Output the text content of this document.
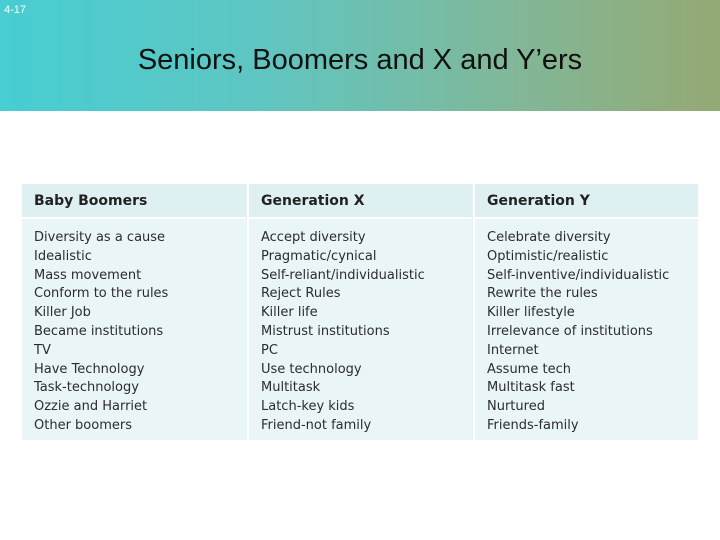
4-17
Seniors, Boomers and X and Y’ers
Baby Boomers
Diversity as a cause
Idealistic
Mass movement
Conform to the rules
Killer Job
Became institutions
TV
Have Technology
Task-technology
Ozzie and Harriet
Other boomers
Generation X
Accept diversity
Pragmatic/cynical
Self-reliant/individualistic
Reject Rules
Killer life
Mistrust institutions
PC
Use technology
Multitask
Latch-key kids
Friend-not family
Generation Y
Celebrate diversity
Optimistic/realistic
Self-inventive/individualistic
Rewrite the rules
Killer lifestyle
Irrelevance of institutions
Internet
Assume tech
Multitask fast
Nurtured
Friends-family
